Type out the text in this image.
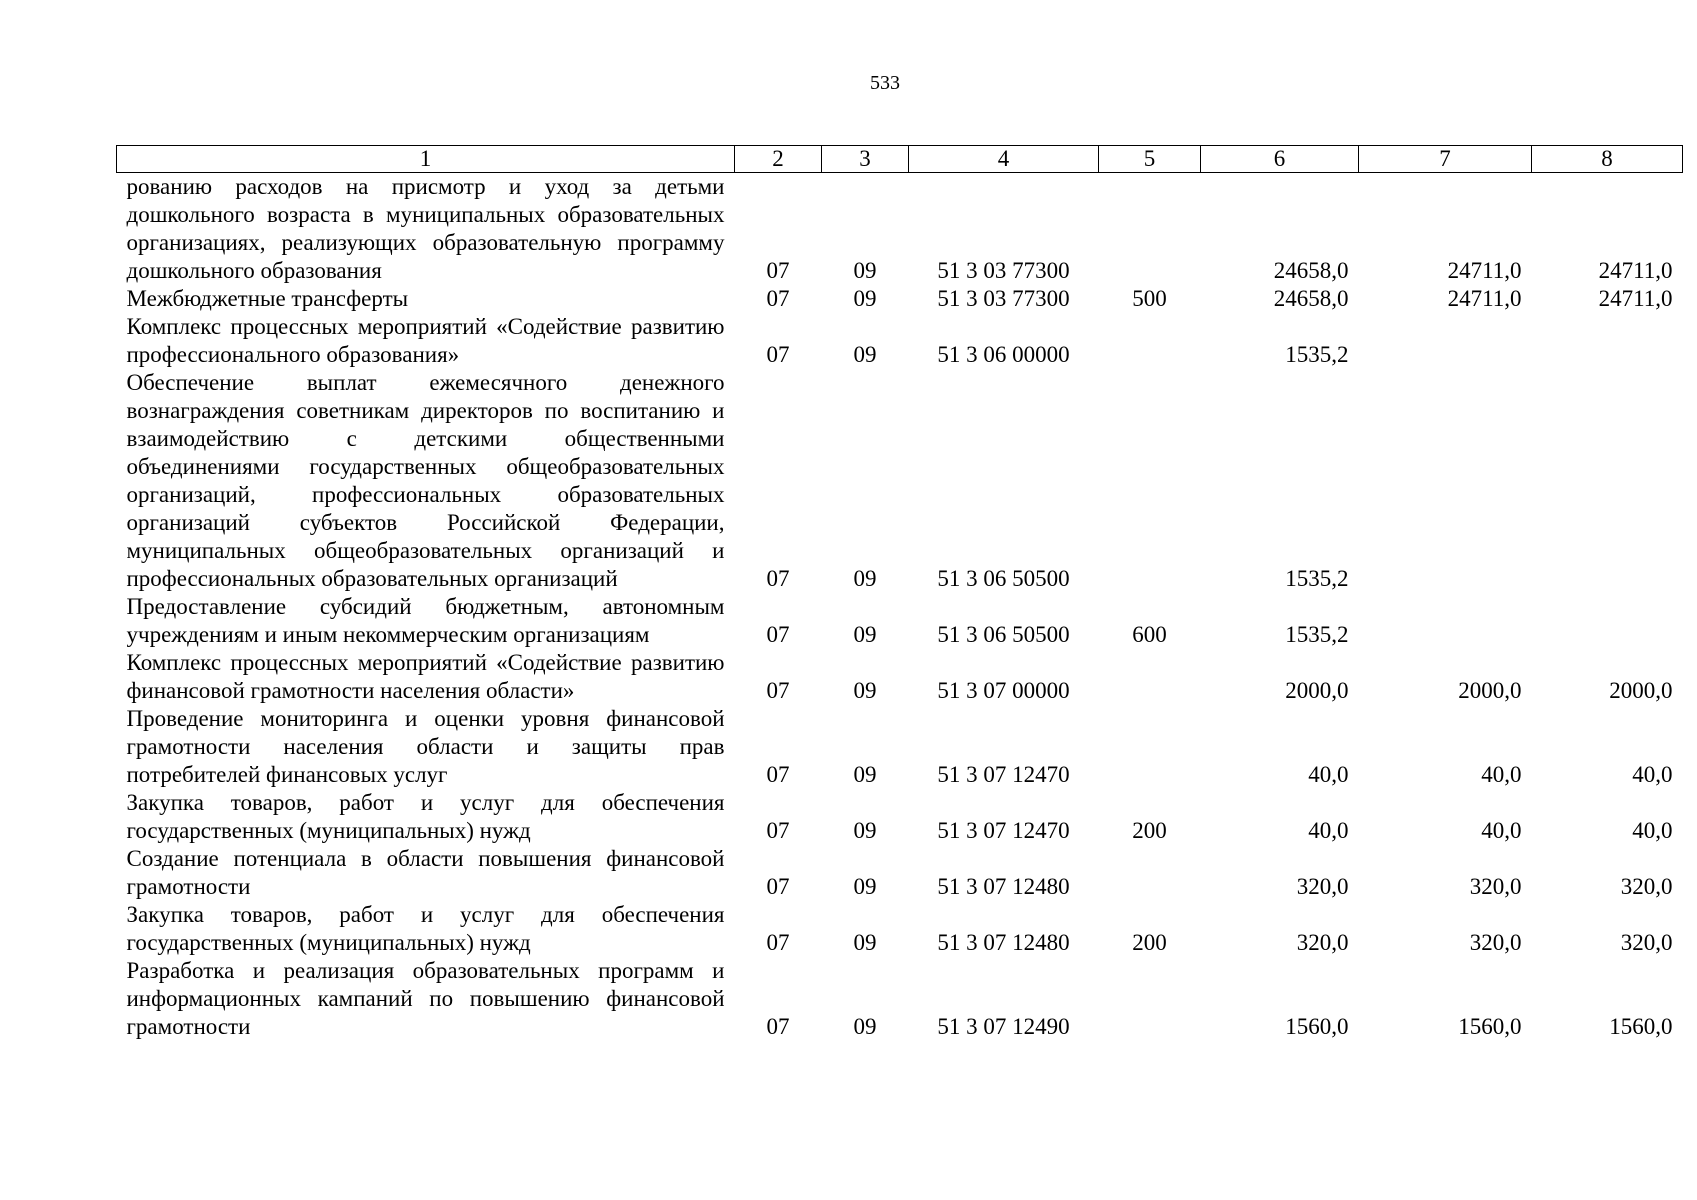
533
1	2	3	4	5	6	7	8
рованию расходов на присмотр и уход за детьми дошкольного возраста в муниципальных образовательных организациях, реализующих образовательную программу дошкольного образования	07	09	51 3 03 77300		24658,0	24711,0	24711,0
Межбюджетные трансферты	07	09	51 3 03 77300	500	24658,0	24711,0	24711,0
Комплекс процессных мероприятий «Содействие развитию профессионального образования»	07	09	51 3 06 00000		1535,2		
Обеспечение выплат ежемесячного денежного вознаграждения советникам директоров по воспитанию и взаимодействию с детскими общественными объединениями государственных общеобразовательных организаций, профессиональных образовательных организаций субъектов Российской Федерации, муниципальных общеобразовательных организаций и профессиональных образовательных организаций	07	09	51 3 06 50500		1535,2		
Предоставление субсидий бюджетным, автономным учреждениям и иным некоммерческим организациям	07	09	51 3 06 50500	600	1535,2		
Комплекс процессных мероприятий «Содействие развитию финансовой грамотности населения области»	07	09	51 3 07 00000		2000,0	2000,0	2000,0
Проведение мониторинга и оценки уровня финансовой грамотности населения области и защиты прав потребителей финансовых услуг	07	09	51 3 07 12470		40,0	40,0	40,0
Закупка товаров, работ и услуг для обеспечения государственных (муниципальных) нужд	07	09	51 3 07 12470	200	40,0	40,0	40,0
Создание потенциала в области повышения финансовой грамотности	07	09	51 3 07 12480		320,0	320,0	320,0
Закупка товаров, работ и услуг для обеспечения государственных (муниципальных) нужд	07	09	51 3 07 12480	200	320,0	320,0	320,0
Разработка и реализация образовательных программ и информационных кампаний по повышению финансовой грамотности	07	09	51 3 07 12490		1560,0	1560,0	1560,0
